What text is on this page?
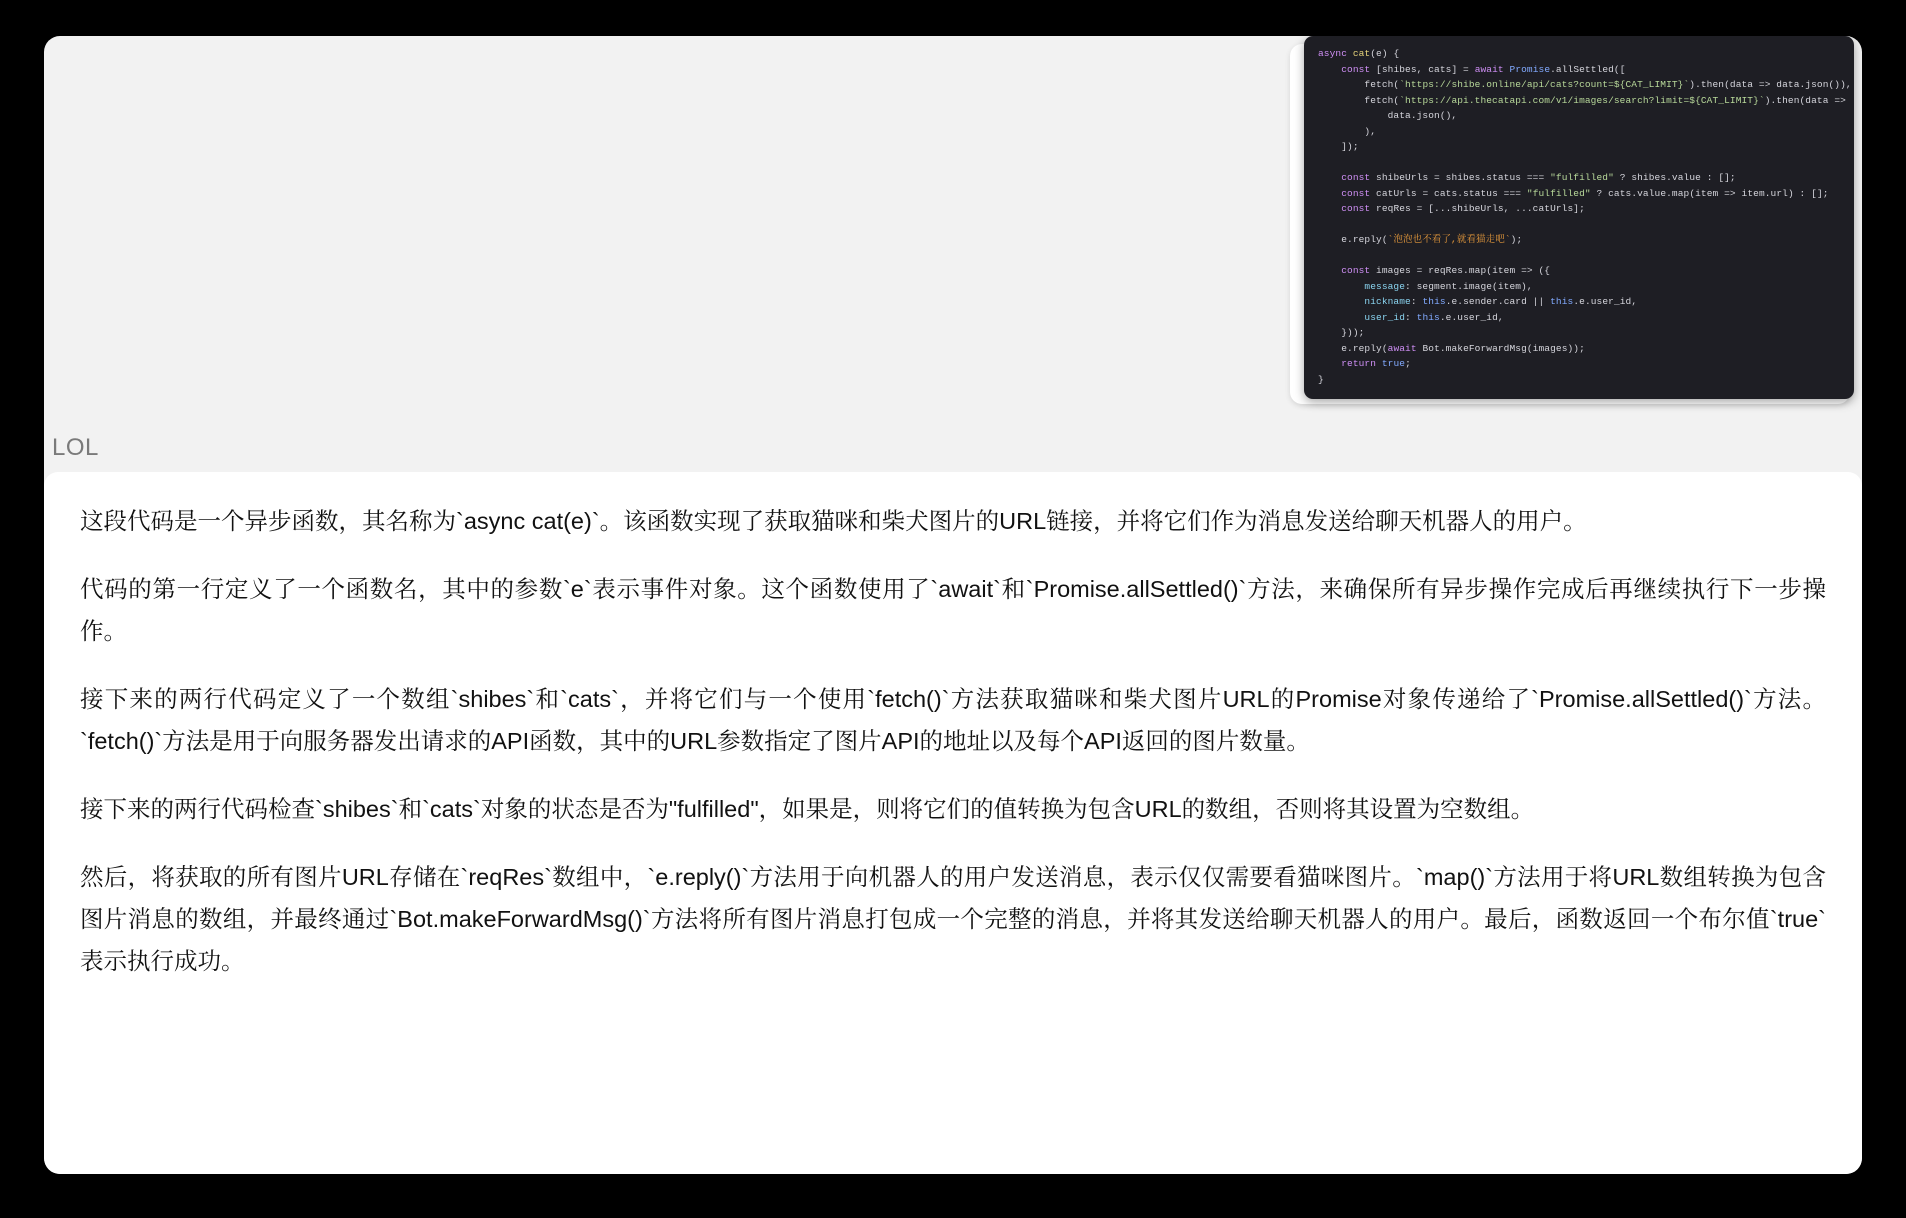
async cat(e) {
const [shibes, cats] = await Promise.allSettled([
fetch(`https://shibe.online/api/cats?count=${CAT_LIMIT}`).then(data => data.json()),
fetch(`https://api.thecatapi.com/v1/images/search?limit=${CAT_LIMIT}`).then(data =>
data.json(),
),
]);

const shibeUrls = shibes.status === "fulfilled" ? shibes.value : [];
const catUrls = cats.status === "fulfilled" ? cats.value.map(item => item.url) : [];
const reqRes = [...shibeUrls, ...catUrls];

e.reply(`泡泡也不看了,就看猫走吧`);

const images = reqRes.map(item => ({
message: segment.image(item),
nickname: this.e.sender.card || this.e.user_id,
user_id: this.e.user_id,
}));
e.reply(await Bot.makeForwardMsg(images));
return true;
}
LOL

这段代码是一个异步函数，其名称为`async cat(e)`。该函数实现了获取猫咪和柴犬图片的URL链接，并将它们作为消息发送给聊天机器人的用户。

代码的第一行定义了一个函数名，其中的参数`e`表示事件对象。这个函数使用了`await`和`Promise.allSettled()`方法，来确保所有异步操作完成后再继续执行下一步操作。

接下来的两行代码定义了一个数组`shibes`和`cats`，并将它们与一个使用`fetch()`方法获取猫咪和柴犬图片URL的Promise对象传递给了`Promise.allSettled()`方法。`fetch()`方法是用于向服务器发出请求的API函数，其中的URL参数指定了图片API的地址以及每个API返回的图片数量。

接下来的两行代码检查`shibes`和`cats`对象的状态是否为"fulfilled"，如果是，则将它们的值转换为包含URL的数组，否则将其设置为空数组。

然后，将获取的所有图片URL存储在`reqRes`数组中，`e.reply()`方法用于向机器人的用户发送消息，表示仅仅需要看猫咪图片。`map()`方法用于将URL数组转换为包含图片消息的数组，并最终通过`Bot.makeForwardMsg()`方法将所有图片消息打包成一个完整的消息，并将其发送给聊天机器人的用户。最后，函数返回一个布尔值`true`表示执行成功。
